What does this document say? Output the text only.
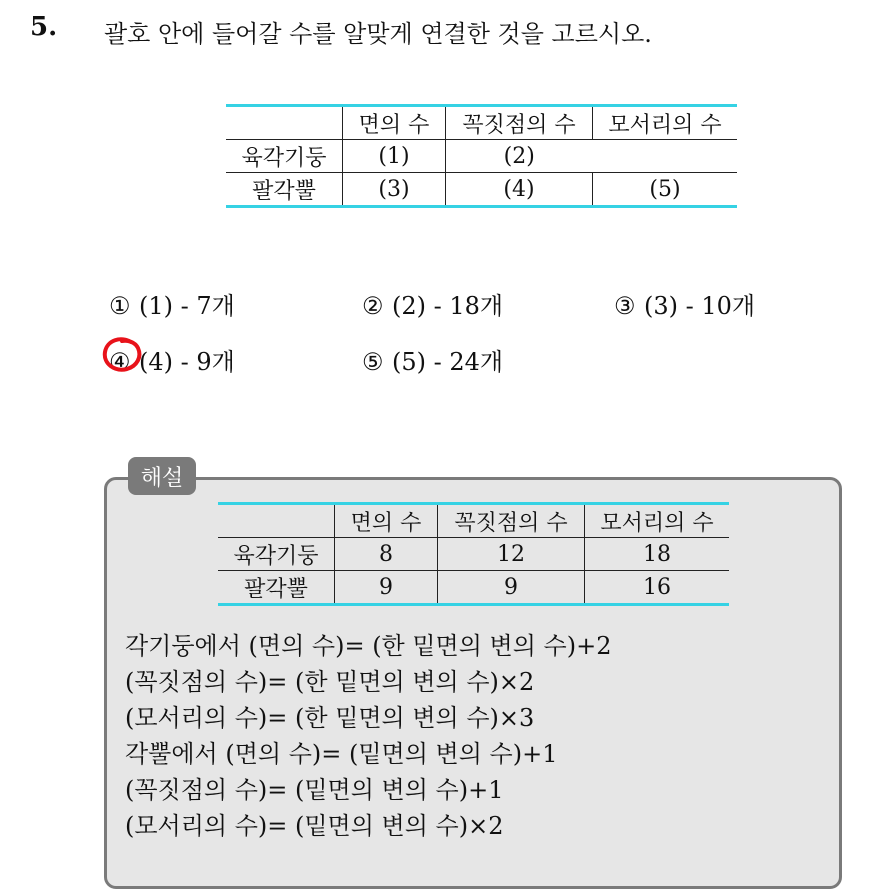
5. 괄호 안에 들어갈 수를 알맞게 연결한 것을 고르시오.
	면의 수	꼭짓점의 수	모서리의 수
육각기둥	(1)	(2)	
팔각뿔	(3)	(4)	(5)
① (1) - 7개	② (2) - 18개	③ (3) - 10개
④ (4) - 9개	⑤ (5) - 24개
해설
	면의 수	꼭짓점의 수	모서리의 수
육각기둥	8	12	18
팔각뿔	9	9	16
각기둥에서 (면의 수)= (한 밑면의 변의 수)+2
(꼭짓점의 수)= (한 밑면의 변의 수)×2
(모서리의 수)= (한 밑면의 변의 수)×3
각뿔에서 (면의 수)= (밑면의 변의 수)+1
(꼭짓점의 수)= (밑면의 변의 수)+1
(모서리의 수)= (밑면의 변의 수)×2
